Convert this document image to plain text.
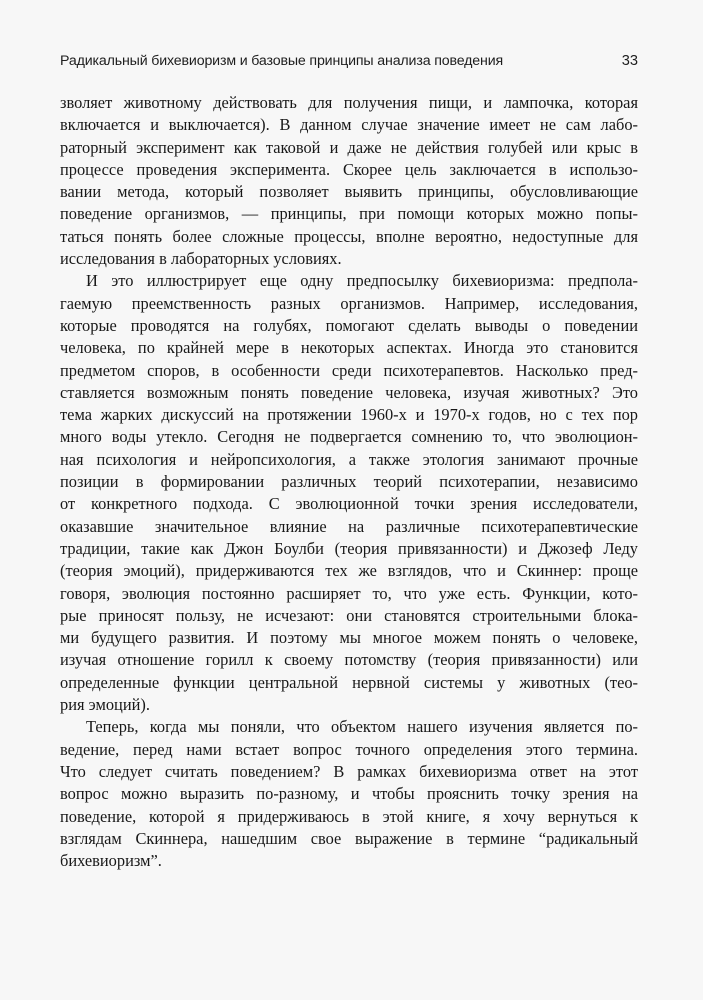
Радикальный бихевиоризм и базовые принципы анализа поведения	33

зволяет животному действовать для получения пищи, и лампочка, которая
включается и выключается). В данном случае значение имеет не сам лабо-
раторный эксперимент как таковой и даже не действия голубей или крыс в
процессе проведения эксперимента. Скорее цель заключается в использо-
вании метода, который позволяет выявить принципы, обусловливающие
поведение организмов, — принципы, при помощи которых можно попы-
таться понять более сложные процессы, вполне вероятно, недоступные для
исследования в лабораторных условиях.

И это иллюстрирует еще одну предпосылку бихевиоризма: предпола-
гаемую преемственность разных организмов. Например, исследования,
которые проводятся на голубях, помогают сделать выводы о поведении
человека, по крайней мере в некоторых аспектах. Иногда это становится
предметом споров, в особенности среди психотерапевтов. Насколько пред-
ставляется возможным понять поведение человека, изучая животных? Это
тема жарких дискуссий на протяжении 1960-х и 1970-х годов, но с тех пор
много воды утекло. Сегодня не подвергается сомнению то, что эволюцион-
ная психология и нейропсихология, а также этология занимают прочные
позиции в формировании различных теорий психотерапии, независимо
от конкретного подхода. С эволюционной точки зрения исследователи,
оказавшие значительное влияние на различные психотерапевтические
традиции, такие как Джон Боулби (теория привязанности) и Джозеф Леду
(теория эмоций), придерживаются тех же взглядов, что и Скиннер: проще
говоря, эволюция постоянно расширяет то, что уже есть. Функции, кото-
рые приносят пользу, не исчезают: они становятся строительными блока-
ми будущего развития. И поэтому мы многое можем понять о человеке,
изучая отношение горилл к своему потомству (теория привязанности) или
определенные функции центральной нервной системы у животных (тео-
рия эмоций).

Теперь, когда мы поняли, что объектом нашего изучения является по-
ведение, перед нами встает вопрос точного определения этого термина.
Что следует считать поведением? В рамках бихевиоризма ответ на этот
вопрос можно выразить по-разному, и чтобы прояснить точку зрения на
поведение, которой я придерживаюсь в этой книге, я хочу вернуться к
взглядам Скиннера, нашедшим свое выражение в термине “радикальный
бихевиоризм”.
